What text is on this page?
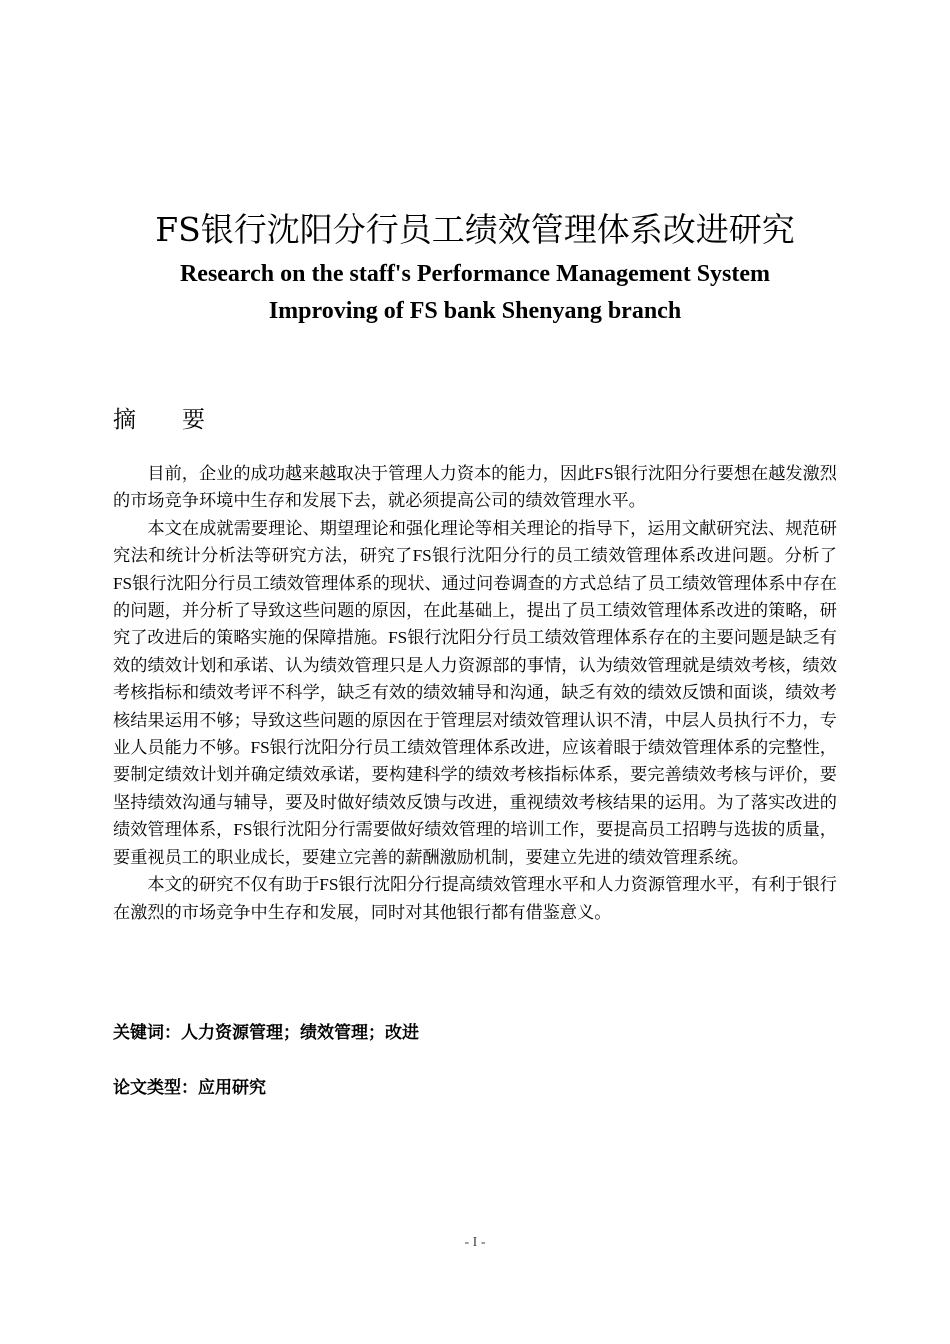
FS银行沈阳分行员工绩效管理体系改进研究
Research on the staff's Performance Management System
Improving of FS bank Shenyang branch
摘 要

目前，企业的成功越来越取决于管理人力资本的能力，因此FS银行沈阳分行要想在越发激烈的市场竞争环境中生存和发展下去，就必须提高公司的绩效管理水平。

本文在成就需要理论、期望理论和强化理论等相关理论的指导下，运用文献研究法、规范研究法和统计分析法等研究方法，研究了FS银行沈阳分行的员工绩效管理体系改进问题。分析了FS银行沈阳分行员工绩效管理体系的现状、通过问卷调查的方式总结了员工绩效管理体系中存在的问题，并分析了导致这些问题的原因，在此基础上，提出了员工绩效管理体系改进的策略，研究了改进后的策略实施的保障措施。FS银行沈阳分行员工绩效管理体系存在的主要问题是缺乏有效的绩效计划和承诺、认为绩效管理只是人力资源部的事情，认为绩效管理就是绩效考核，绩效考核指标和绩效考评不科学，缺乏有效的绩效辅导和沟通，缺乏有效的绩效反馈和面谈，绩效考核结果运用不够；导致这些问题的原因在于管理层对绩效管理认识不清，中层人员执行不力，专业人员能力不够。FS银行沈阳分行员工绩效管理体系改进，应该着眼于绩效管理体系的完整性，要制定绩效计划并确定绩效承诺，要构建科学的绩效考核指标体系，要完善绩效考核与评价，要坚持绩效沟通与辅导，要及时做好绩效反馈与改进，重视绩效考核结果的运用。为了落实改进的绩效管理体系，FS银行沈阳分行需要做好绩效管理的培训工作，要提高员工招聘与选拔的质量，要重视员工的职业成长，要建立完善的薪酬激励机制，要建立先进的绩效管理系统。

本文的研究不仅有助于FS银行沈阳分行提高绩效管理水平和人力资源管理水平，有利于银行在激烈的市场竞争中生存和发展，同时对其他银行都有借鉴意义。

关键词：人力资源管理；绩效管理；改进
论文类型：应用研究
- I -
